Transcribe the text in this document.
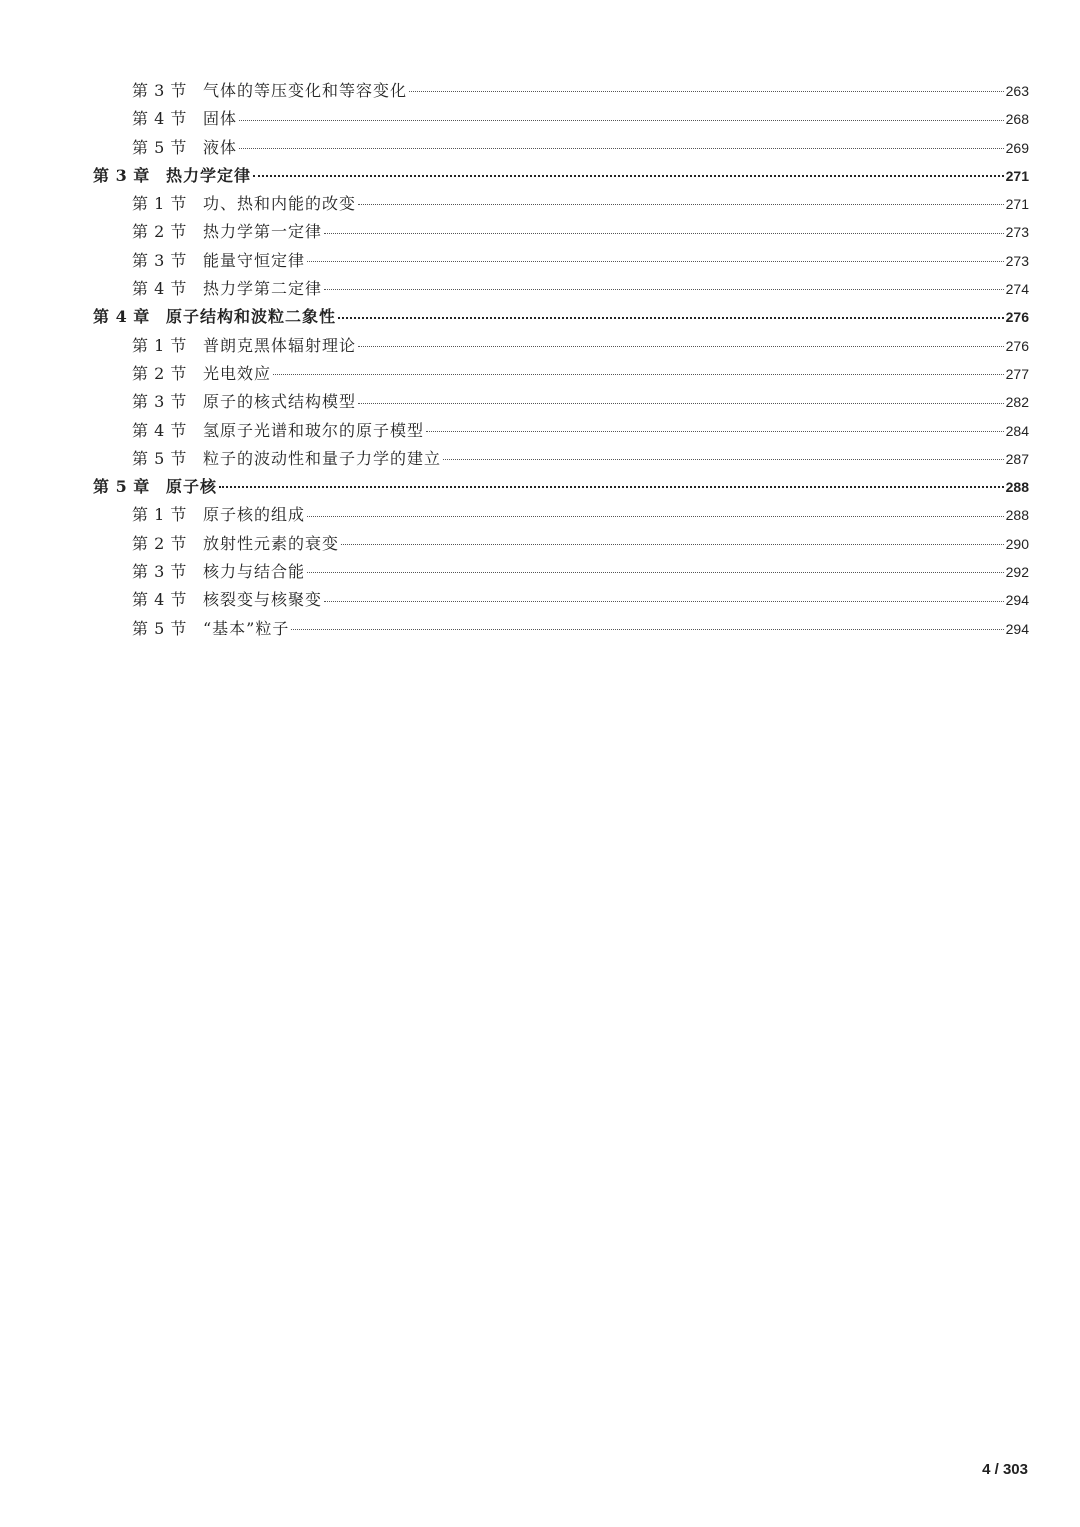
第 3 节	气体的等压变化和等容变化	263
第 4 节	固体	268
第 5 节	液体	269
第 3 章	热力学定律	271
第 1 节	功、热和内能的改变	271
第 2 节	热力学第一定律	273
第 3 节	能量守恒定律	273
第 4 节	热力学第二定律	274
第 4 章	原子结构和波粒二象性	276
第 1 节	普朗克黑体辐射理论	276
第 2 节	光电效应	277
第 3 节	原子的核式结构模型	282
第 4 节	氢原子光谱和玻尔的原子模型	284
第 5 节	粒子的波动性和量子力学的建立	287
第 5 章	原子核	288
第 1 节	原子核的组成	288
第 2 节	放射性元素的衰变	290
第 3 节	核力与结合能	292
第 4 节	核裂变与核聚变	294
第 5 节	“基本”粒子	294
4 / 303
